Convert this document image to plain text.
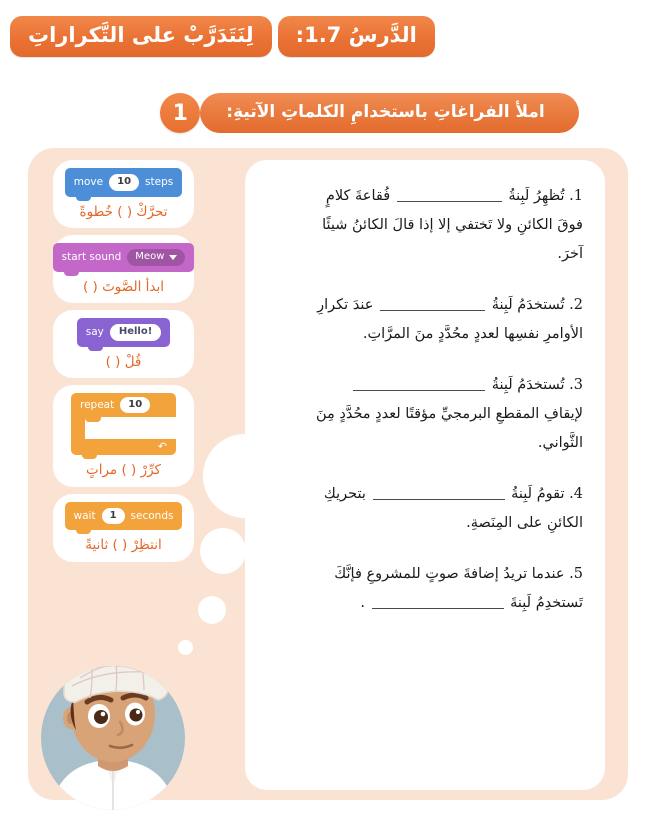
الدَّرسُ 1.7:
لِنَتَدَرَّبْ على التَّكراراتِ
املأ الفراغاتِ باستخدامِ الكلماتِ الآتيةِ:
1
move	10	steps
تحرَّكْ ( ) خُطوةً
start sound Meow
ابدأ الصَّوتَ ( )
say	Hello!
قُلْ ( )
repeat	10
↶
كرِّرْ ( ) مراتٍ
wait	1	seconds
انتظِرْ ( ) ثانيةً
1. تُظهِرُ لَبِنةُ  فُقاعةَ كلامٍ
فوقَ الكائنِ ولا تَختفي إلا إذا قالَ الكائنُ شيئًا
آخرَ.
2. تُستخدَمُ لَبِنةُ  عندَ تكرارِ
الأوامرِ نفسِها لعددٍ محُدَّدٍ منَ المرَّاتِ.
3. تُستخدَمُ لَبِنةُ
لإيقافِ المقطعِ البرمجيِّ مؤقتًا لعددٍ محُدَّدٍ مِنَ
الثَّواني.
4. تقومُ لَبِنةُ  بتحريكِ
الكائنِ على المِنَصةِ.
5. عندما تريدُ إضافةَ صوتٍ للمشروعِ فإنَّكَ
تَستخدِمُ لَبِنةَ  .
